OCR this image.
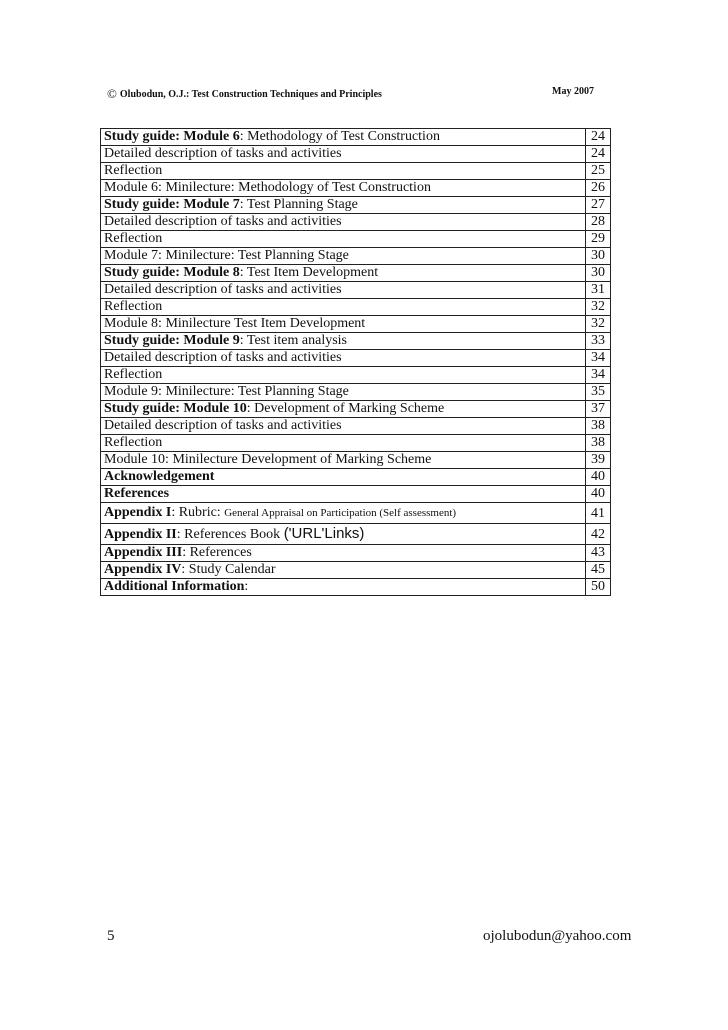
© Olubodun, O.J.: Test Construction Techniques and Principles	May 2007
Study guide: Module 6: Methodology of Test Construction	24
Detailed description of tasks and activities	24
Reflection	25
Module 6: Minilecture: Methodology of Test Construction	26
Study guide: Module 7: Test Planning Stage	27
Detailed description of tasks and activities	28
Reflection	29
Module 7: Minilecture: Test Planning Stage	30
Study guide: Module 8: Test Item Development	30
Detailed description of tasks and activities	31
Reflection	32
Module 8: Minilecture Test Item Development	32
Study guide: Module 9: Test item analysis	33
Detailed description of tasks and activities	34
Reflection	34
Module 9: Minilecture: Test Planning Stage	35
Study guide: Module 10: Development of Marking Scheme	37
Detailed description of tasks and activities	38
Reflection	38
Module 10: Minilecture Development of Marking Scheme	39
Acknowledgement	40
References	40
Appendix I: Rubric: General Appraisal on Participation (Self assessment)	41
Appendix II: References Book ('URL'Links)	42
Appendix III: References	43
Appendix IV: Study Calendar	45
Additional Information:	50
5	ojolubodun@yahoo.com
